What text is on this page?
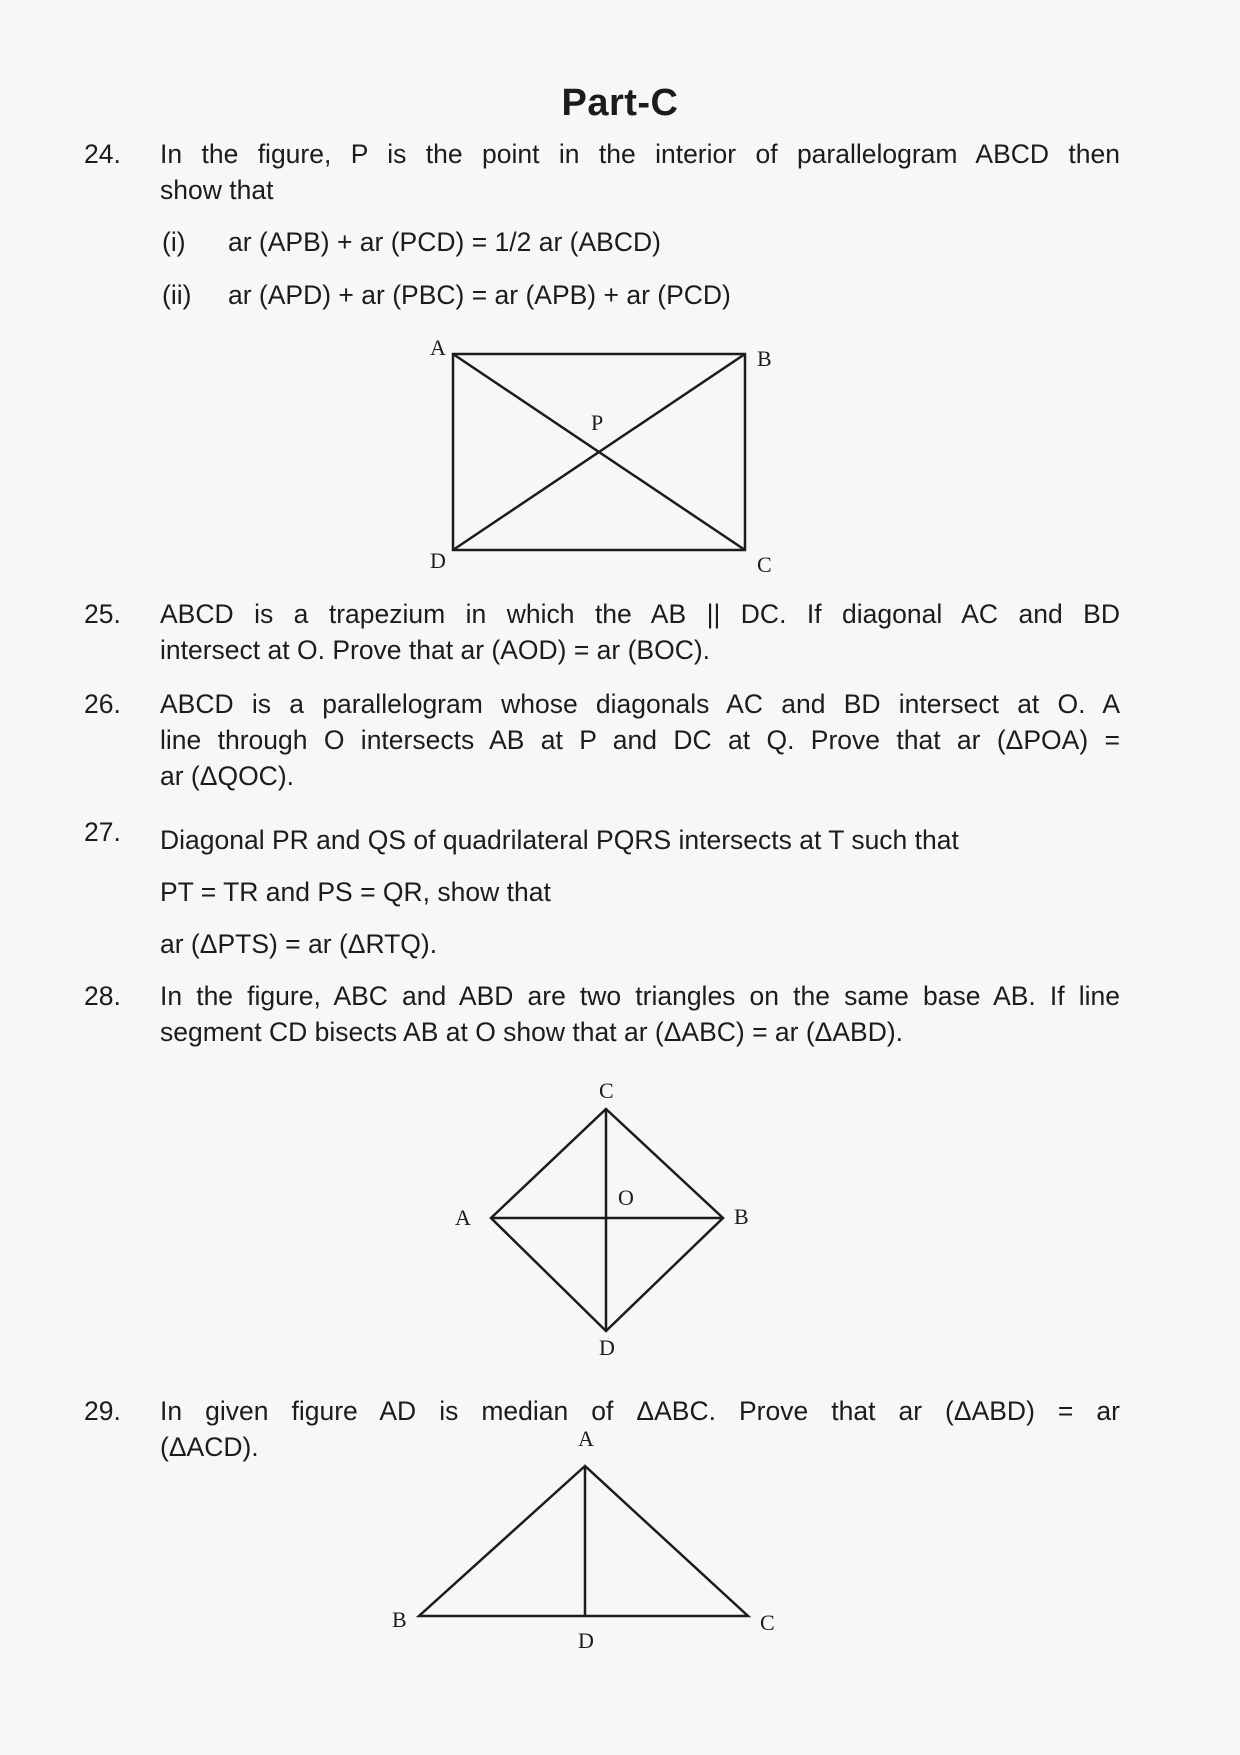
Part-C
24. In the figure, P is the point in the interior of parallelogram ABCD then
show that
(i) ar (APB) + ar (PCD) = 1/2 ar (ABCD)
(ii) ar (APD) + ar (PBC) = ar (APB) + ar (PCD)
A	B
C
D
P
C
A	B
D
O
A
B	C
D
25. ABCD is a trapezium in which the AB || DC. If diagonal AC and BD
intersect at O. Prove that ar (AOD) = ar (BOC).
26. ABCD is a parallelogram whose diagonals AC and BD intersect at O. A
line through O intersects AB at P and DC at Q. Prove that ar (ΔPOA) =
ar (ΔQOC).
27. Diagonal PR and QS of quadrilateral PQRS intersects at T such that
PT = TR and PS = QR, show that
ar (ΔPTS) = ar (ΔRTQ).
28. In the figure, ABC and ABD are two triangles on the same base AB. If line
segment CD bisects AB at O show that ar (ΔABC) = ar (ΔABD).
29. In given figure AD is median of ΔABC. Prove that ar (ΔABD) = ar
(ΔACD).
